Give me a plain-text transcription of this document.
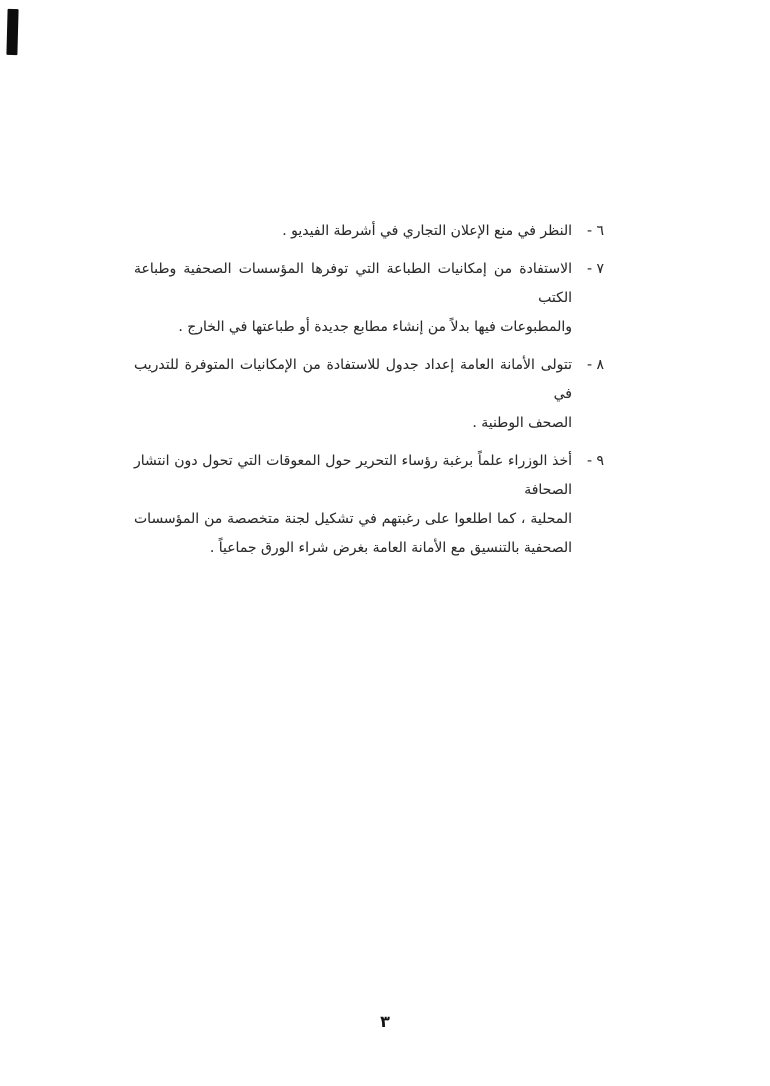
٦ -
النظر في منع الإعلان التجاري في أشرطة الفيديو .
٧ -
الاستفادة من إمكانيات الطباعة التي توفرها المؤسسات الصحفية وطباعة الكتب
والمطبوعات فيها بدلاً من إنشاء مطابع جديدة أو طباعتها في الخارج .
٨ -
تتولى الأمانة العامة إعداد جدول للاستفادة من الإمكانيات المتوفرة للتدريب في
الصحف الوطنية .
٩ -
أخذ الوزراء علماً برغبة رؤساء التحرير حول المعوقات التي تحول دون انتشار الصحافة
المحلية ، كما اطلعوا على رغبتهم في تشكيل لجنة متخصصة من المؤسسات
الصحفية بالتنسيق مع الأمانة العامة بغرض شراء الورق جماعياً .
٣
